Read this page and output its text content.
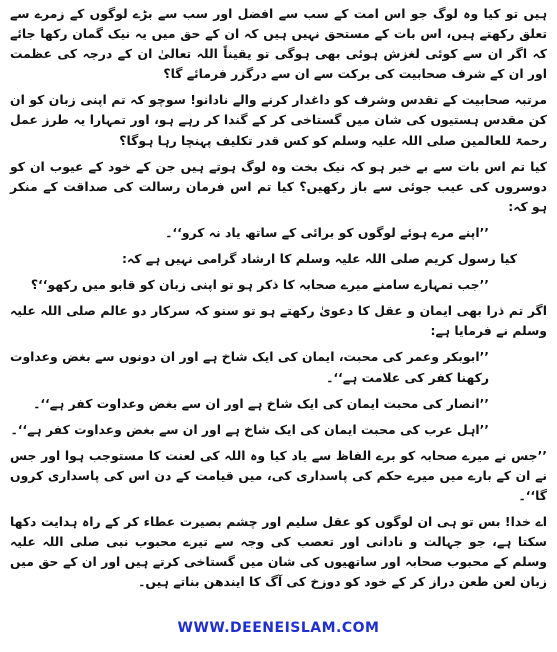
ہیں تو کیا وہ لوگ جو اس امت کے سب سے افضل اور سب سے بڑے لوگوں کے زمرے سے تعلق رکھتے ہیں، اس بات کے مستحق نہیں ہیں کہ ان کے حق میں یہ نیک گمان رکھا جائے کہ اگر ان سے کوئی لغزش ہوئی بھی ہوگی تو یقیناً اللہ تعالیٰ ان کے درجہ کی عظمت اور ان کے شرف صحابیت کی برکت سے ان سے درگزر فرمائے گا؟

مرتبہ صحابیت کے تقدس وشرف کو داغدار کرنے والے نادانو! سوچو کہ تم اپنی زبان کو ان کن مقدس ہستیوں کی شان میں گستاخی کر کے گندا کر رہے ہو، اور تمہارا یہ طرز عمل رحمۃ للعالمین صلی اللہ علیہ وسلم کو کس قدر تکلیف پہنچا رہا ہوگا؟

کیا تم اس بات سے بے خبر ہو کہ نیک بخت وہ لوگ ہوتے ہیں جن کے خود کے عیوب ان کو دوسروں کی عیب جوئی سے باز رکھیں؟ کیا تم اس فرمان رسالت کی صداقت کے منکر ہو کہ:

’’اپنے مرے ہوئے لوگوں کو برائی کے ساتھ یاد نہ کرو‘‘۔

کیا رسول کریم صلی اللہ علیہ وسلم کا ارشاد گرامی نہیں ہے کہ:

’’جب تمہارے سامنے میرے صحابہ کا ذکر ہو تو اپنی زبان کو قابو میں رکھو‘‘؟

اگر تم ذرا بھی ایمان و عقل کا دعویٰ رکھتے ہو تو سنو کہ سرکار دو عالم صلی اللہ علیہ وسلم نے فرمایا ہے:

’’ابوبکر وعمر کی محبت، ایمان کی ایک شاخ ہے اور ان دونوں سے بغض وعداوت رکھنا کفر کی علامت ہے‘‘۔

’’انصار کی محبت ایمان کی ایک شاخ ہے اور ان سے بغض وعداوت کفر ہے‘‘۔

’’اہل عرب کی محبت ایمان کی ایک شاخ ہے اور ان سے بغض وعداوت کفر ہے‘‘۔

’’جس نے میرے صحابہ کو برے الفاظ سے یاد کیا وہ اللہ کی لعنت کا مستوجب ہوا اور جس نے ان کے بارے میں میرے حکم کی پاسداری کی، میں قیامت کے دن اس کی پاسداری کروں گا‘‘۔

اے خدا! بس تو ہی ان لوگوں کو عقل سلیم اور چشم بصیرت عطاء کر کے راہ ہدایت دکھا سکتا ہے، جو جہالت و نادانی اور تعصب کی وجہ سے تیرے محبوب نبی صلی اللہ علیہ وسلم کے محبوب صحابہ اور ساتھیوں کی شان میں گستاخی کرتے ہیں اور ان کے حق میں زبان لعن طعن دراز کر کے خود کو دوزخ کی آگ کا ایندھن بناتے ہیں۔

WWW.DEENEISLAM.COM
